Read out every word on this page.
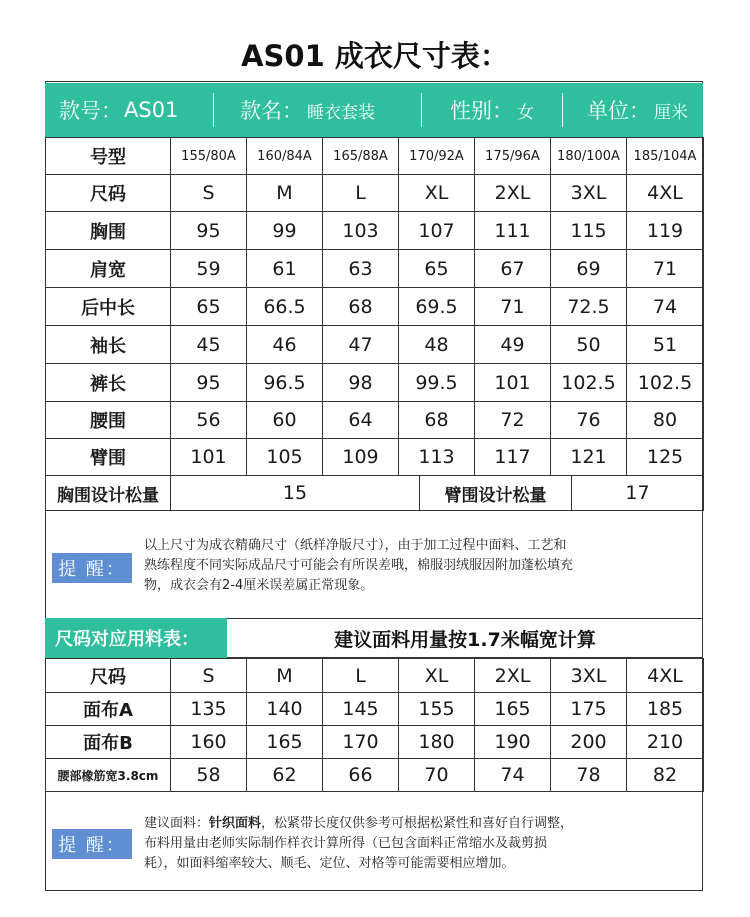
AS01 成衣尺寸表：
款号： AS01	款名： 睡衣套装	性别： 女	单位： 厘米
号型	155/80A	160/84A	165/88A	170/92A	175/96A	180/100A	185/104A
尺码	S	M	L	XL	2XL	3XL	4XL
胸围	95	99	103	107	111	115	119
肩宽	59	61	63	65	67	69	71
后中长	65	66.5	68	69.5	71	72.5	74
袖长	45	46	47	48	49	50	51
裤长	95	96.5	98	99.5	101	102.5	102.5
腰围	56	60	64	68	72	76	80
臂围	101	105	109	113	117	121	125
胸围设计松量	15	臂围设计松量	17
提 醒：
以上尺寸为成衣精确尺寸（纸样净版尺寸），由于加工过程中面料、工艺和
熟练程度不同实际成品尺寸可能会有所误差哦，棉服羽绒服因附加蓬松填充
物，成衣会有2-4厘米误差属正常现象。
尺码对应用料表：	建议面料用量按1.7米幅宽计算
尺码	S	M	L	XL	2XL	3XL	4XL
面布A	135	140	145	155	165	175	185
面布B	160	165	170	180	190	200	210
腰部橡筋宽3.8cm	58	62	66	70	74	78	82
提 醒：
建议面料：针织面料，松紧带长度仅供参考可根据松紧性和喜好自行调整，
布料用量由老师实际制作样衣计算所得（已包含面料正常缩水及裁剪损
耗），如面料缩率较大、顺毛、定位、对格等可能需要相应增加。
